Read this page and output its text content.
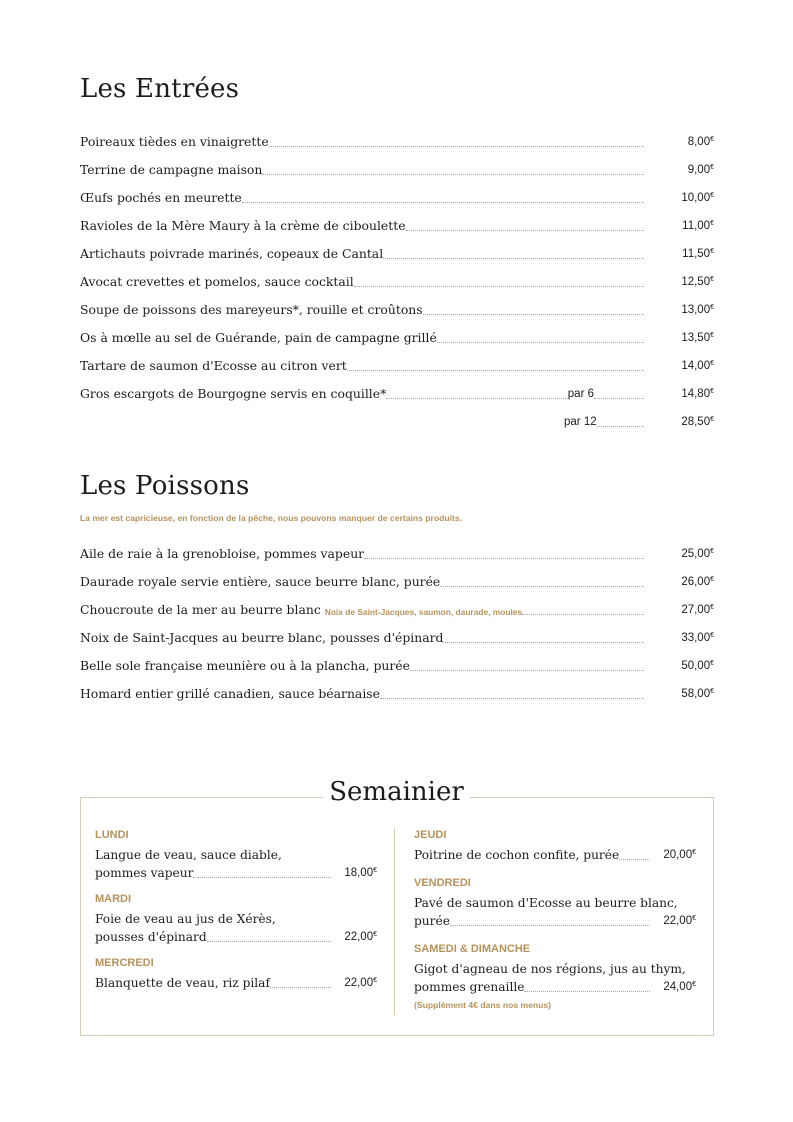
Les Entrées
Poireaux tièdes en vinaigrette	8,00€
Terrine de campagne maison	9,00€
Œufs pochés en meurette	10,00€
Ravioles de la Mère Maury à la crème de ciboulette	11,00€
Artichauts poivrade marinés, copeaux de Cantal	11,50€
Avocat crevettes et pomelos, sauce cocktail	12,50€
Soupe de poissons des mareyeurs*, rouille et croûtons	13,00€
Os à mœlle au sel de Guérande, pain de campagne grillé	13,50€
Tartare de saumon d'Ecosse au citron vert	14,00€
Gros escargots de Bourgogne servis en coquille*	par 6	14,80€
par 12	28,50€
Les Poissons

La mer est capricieuse, en fonction de la pêche, nous pouvons manquer de certains produits.

Aile de raie à la grenobloise, pommes vapeur	25,00€
Daurade royale servie entière, sauce beurre blanc, purée	26,00€
Choucroute de la mer au beurre blanc Noix de Saint-Jacques, saumon, daurade, moules	27,00€
Noix de Saint-Jacques au beurre blanc, pousses d'épinard	33,00€
Belle sole française meunière ou à la plancha, purée	50,00€
Homard entier grillé canadien, sauce béarnaise	58,00€
Semainier
LUNDI
Langue de veau, sauce diable,
pommes vapeur	18,00€
MARDI
Foie de veau au jus de Xérès,
pousses d'épinard	22,00€
MERCREDI
Blanquette de veau, riz pilaf	22,00€
JEUDI
Poitrine de cochon confite, purée	20,00€
VENDREDI
Pavé de saumon d'Ecosse au beurre blanc,
purée	22,00€
SAMEDI & DIMANCHE
Gigot d'agneau de nos régions, jus au thym,
pommes grenaille	24,00€
(Supplément 4€ dans nos menus)
